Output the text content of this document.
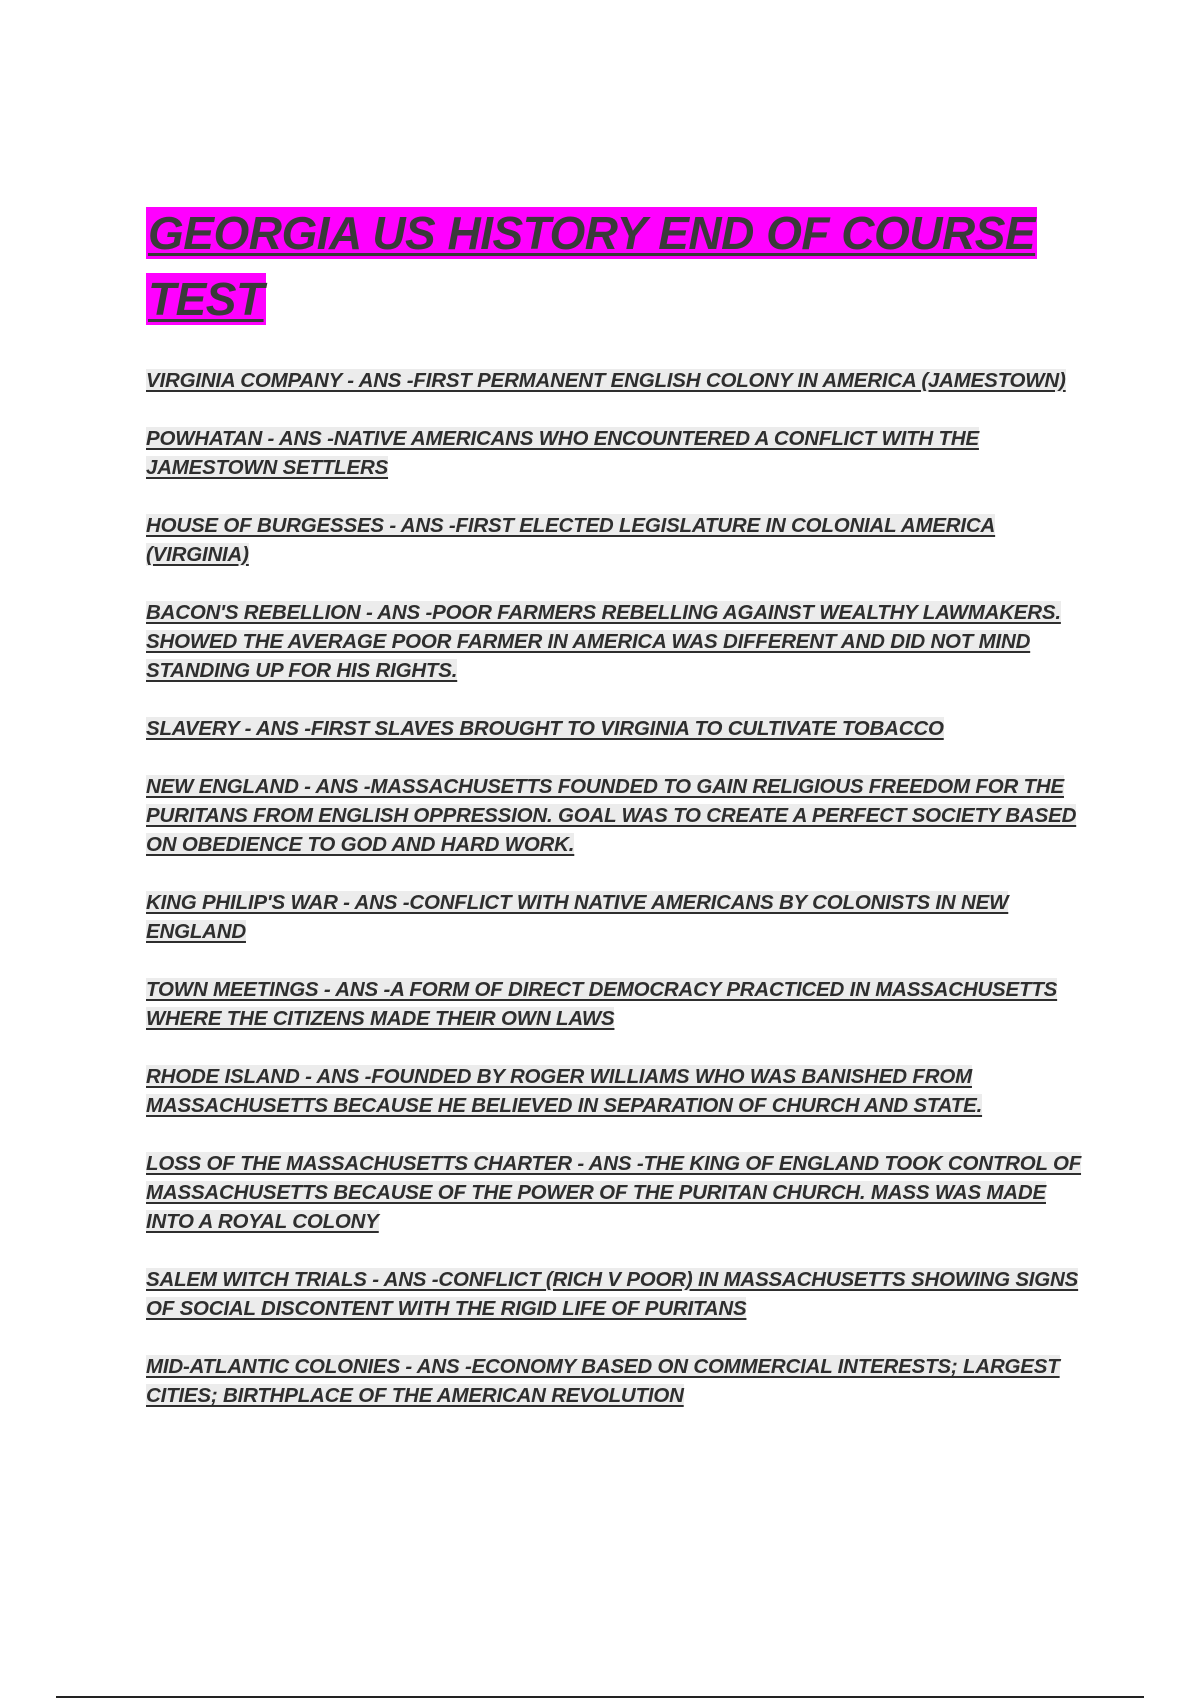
GEORGIA US HISTORY END OF COURSE TEST

VIRGINIA COMPANY - ANS -FIRST PERMANENT ENGLISH COLONY IN AMERICA (JAMESTOWN)

POWHATAN - ANS -NATIVE AMERICANS WHO ENCOUNTERED A CONFLICT WITH THE JAMESTOWN SETTLERS

HOUSE OF BURGESSES - ANS -FIRST ELECTED LEGISLATURE IN COLONIAL AMERICA (VIRGINIA)

BACON'S REBELLION - ANS -POOR FARMERS REBELLING AGAINST WEALTHY LAWMAKERS. SHOWED THE AVERAGE POOR FARMER IN AMERICA WAS DIFFERENT AND DID NOT MIND STANDING UP FOR HIS RIGHTS.

SLAVERY - ANS -FIRST SLAVES BROUGHT TO VIRGINIA TO CULTIVATE TOBACCO

NEW ENGLAND - ANS -MASSACHUSETTS FOUNDED TO GAIN RELIGIOUS FREEDOM FOR THE PURITANS FROM ENGLISH OPPRESSION. GOAL WAS TO CREATE A PERFECT SOCIETY BASED ON OBEDIENCE TO GOD AND HARD WORK.

KING PHILIP'S WAR - ANS -CONFLICT WITH NATIVE AMERICANS BY COLONISTS IN NEW ENGLAND

TOWN MEETINGS - ANS -A FORM OF DIRECT DEMOCRACY PRACTICED IN MASSACHUSETTS WHERE THE CITIZENS MADE THEIR OWN LAWS

RHODE ISLAND - ANS -FOUNDED BY ROGER WILLIAMS WHO WAS BANISHED FROM MASSACHUSETTS BECAUSE HE BELIEVED IN SEPARATION OF CHURCH AND STATE.

LOSS OF THE MASSACHUSETTS CHARTER - ANS -THE KING OF ENGLAND TOOK CONTROL OF MASSACHUSETTS BECAUSE OF THE POWER OF THE PURITAN CHURCH. MASS WAS MADE INTO A ROYAL COLONY

SALEM WITCH TRIALS - ANS -CONFLICT (RICH V POOR) IN MASSACHUSETTS SHOWING SIGNS OF SOCIAL DISCONTENT WITH THE RIGID LIFE OF PURITANS

MID-ATLANTIC COLONIES - ANS -ECONOMY BASED ON COMMERCIAL INTERESTS; LARGEST CITIES; BIRTHPLACE OF THE AMERICAN REVOLUTION
